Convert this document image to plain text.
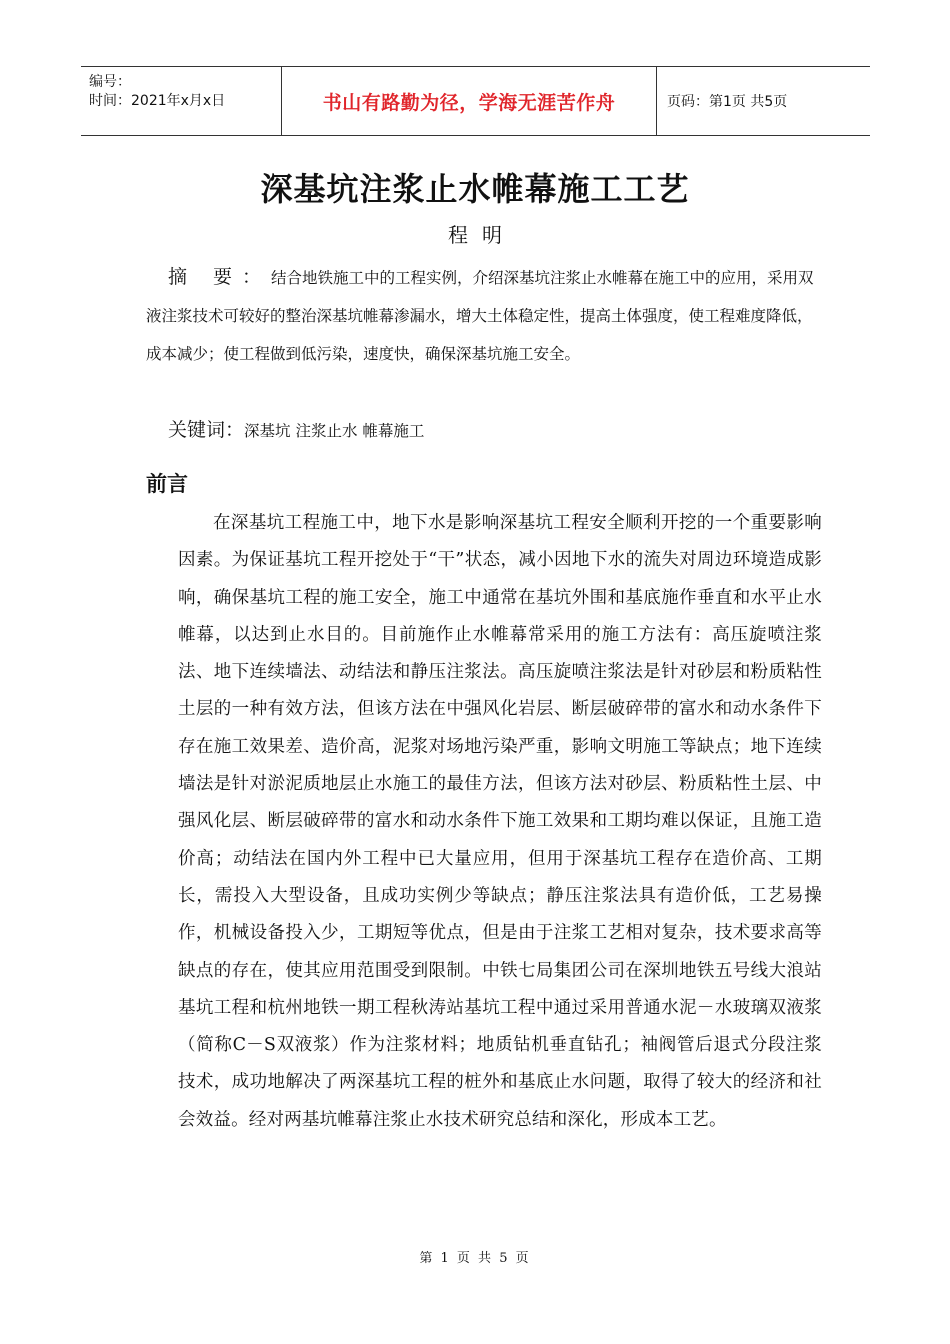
编号：
时间：2021年x月x日	书山有路勤为径，学海无涯苦作舟	页码：第1页 共5页
深基坑注浆止水帷幕施工工艺
程明
摘 要：结合地铁施工中的工程实例，介绍深基坑注浆止水帷幕在施工中的应用，采用双液注浆技术可较好的整治深基坑帷幕渗漏水，增大土体稳定性，提高土体强度，使工程难度降低，成本减少；使工程做到低污染，速度快，确保深基坑施工安全。
关键词：深基坑 注浆止水 帷幕施工
前言
在深基坑工程施工中，地下水是影响深基坑工程安全顺利开挖的一个重要影响因素。为保证基坑工程开挖处于“干”状态，减小因地下水的流失对周边环境造成影响，确保基坑工程的施工安全，施工中通常在基坑外围和基底施作垂直和水平止水帷幕，以达到止水目的。目前施作止水帷幕常采用的施工方法有：高压旋喷注浆法、地下连续墙法、动结法和静压注浆法。高压旋喷注浆法是针对砂层和粉质粘性土层的一种有效方法，但该方法在中强风化岩层、断层破碎带的富水和动水条件下存在施工效果差、造价高，泥浆对场地污染严重，影响文明施工等缺点；地下连续墙法是针对淤泥质地层止水施工的最佳方法，但该方法对砂层、粉质粘性土层、中强风化层、断层破碎带的富水和动水条件下施工效果和工期均难以保证，且施工造价高；动结法在国内外工程中已大量应用，但用于深基坑工程存在造价高、工期长，需投入大型设备，且成功实例少等缺点；静压注浆法具有造价低，工艺易操作，机械设备投入少，工期短等优点，但是由于注浆工艺相对复杂，技术要求高等缺点的存在，使其应用范围受到限制。中铁七局集团公司在深圳地铁五号线大浪站基坑工程和杭州地铁一期工程秋涛站基坑工程中通过采用普通水泥－水玻璃双液浆（简称C－S双液浆）作为注浆材料；地质钻机垂直钻孔；袖阀管后退式分段注浆技术，成功地解决了两深基坑工程的桩外和基底止水问题，取得了较大的经济和社会效益。经对两基坑帷幕注浆止水技术研究总结和深化，形成本工艺。
第 1 页 共 5 页
